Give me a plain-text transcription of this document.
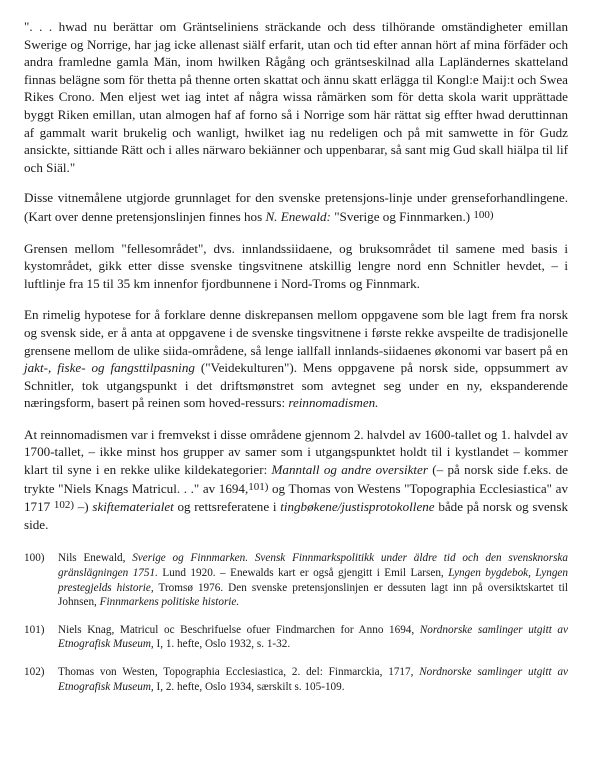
". . . hwad nu berättar om Gräntseliniens sträckande och dess tilhörande omständigheter emillan Swerige og Norrige, har jag icke allenast siälf erfarit, utan och tid efter annan hört af mina förfäder och andra framledne gamla Män, inom hwilken Rågång och gräntseskilnad alla Lapländernes skatteland finnas belägne som för thetta på thenne orten skattat och ännu skatt erlägga til Kongl:e Maij:t och Swea Rikes Crono. Men eljest wet iag intet af några wissa råmärken som för detta skola warit upprättade byggt Riken emillan, utan almogen haf af forno så i Norrige som här rättat sig effter hwad deruttinnan af gammalt warit brukelig och wanligt, hwilket iag nu redeligen och på mit samwette in för Gudz ansickte, sittiande Rätt och i alles närwaro bekiänner och uppenbarar, så sant mig Gud skall hiälpa til lif och Siäl."

Disse vitnemålene utgjorde grunnlaget for den svenske pretensjons-linje under grenseforhandlingene. (Kart over denne pretensjonslinjen finnes hos N. Enewald: "Sverige og Finnmarken.) $^{100)}$

Grensen mellom "fellesområdet", dvs. innlandssiidaene, og bruksområdet til samene med basis i kystområdet, gikk etter disse svenske tingsvitnene atskillig lengre nord enn Schnitler hevdet, – i luftlinje fra 15 til 35 km innenfor fjordbunnene i Nord-Troms og Finnmark.

En rimelig hypotese for å forklare denne diskrepansen mellom oppgavene som ble lagt frem fra norsk og svensk side, er å anta at oppgavene i de svenske tingsvitnene i første rekke avspeilte de tradisjonelle grensene mellom de ulike siida-områdene, så lenge iallfall innlands-siidaenes økonomi var basert på en jakt-, fiske- og fangsttilpasning ("Veidekulturen"). Mens oppgavene på norsk side, oppsummert av Schnitler, tok utgangspunkt i det driftsmønstret som avtegnet seg under en ny, ekspanderende næringsform, basert på reinen som hoved-ressurs: reinnomadismen.

At reinnomadismen var i fremvekst i disse områdene gjennom 2. halvdel av 1600-tallet og 1. halvdel av 1700-tallet, – ikke minst hos grupper av samer som i utgangspunktet holdt til i kystlandet – kommer klart til syne i en rekke ulike kildekategorier: Manntall og andre oversikter (– på norsk side f.eks. de trykte "Niels Knags Matricul. . ." av 1694,$^{101)}$ og Thomas von Westens "Topographia Ecclesiastica" av 1717 $^{102)}$ –) skiftematerialet og rettsreferatene i tingbøkene/justisprotokollene både på norsk og svensk side.

100)	Nils Enewald, Sverige og Finnmarken. Svensk Finnmarkspolitikk under äldre tid och den svensknorska gränslägningen 1751. Lund 1920. – Enewalds kart er også gjengitt i Emil Larsen, Lyngen bygdebok, Lyngen prestegjelds historie, Tromsø 1976. Den svenske pretensjonslinjen er dessuten lagt inn på oversiktskartet til Johnsen, Finnmarkens politiske historie.
101)	Niels Knag, Matricul oc Beschrifuelse ofuer Findmarchen for Anno 1694, Nordnorske samlinger utgitt av Etnografisk Museum, I, 1. hefte, Oslo 1932, s. 1-32.
102)	Thomas von Westen, Topographia Ecclesiastica, 2. del: Finmarckia, 1717, Nordnorske samlinger utgitt av Etnografisk Museum, I, 2. hefte, Oslo 1934, særskilt s. 105-109.
